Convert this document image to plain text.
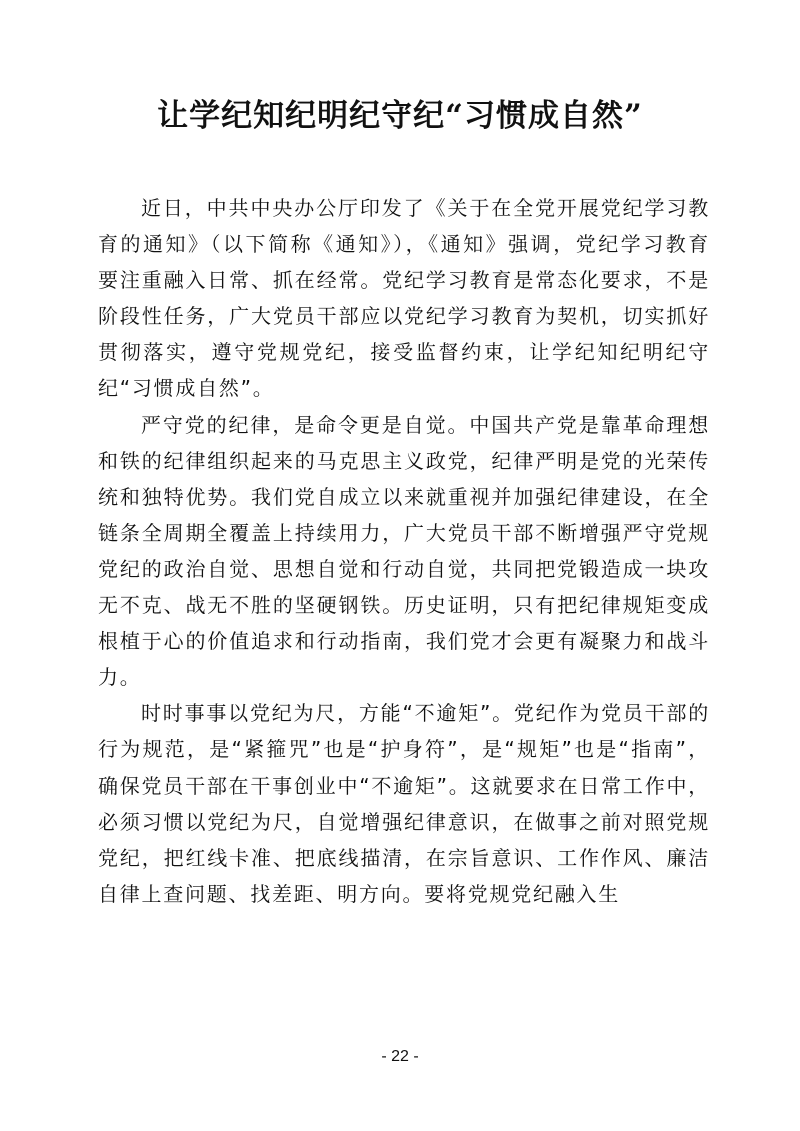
让学纪知纪明纪守纪“习惯成自然”

近日，中共中央办公厅印发了《关于在全党开展党纪学习教育的通知》（以下简称《通知》），《通知》强调，党纪学习教育要注重融入日常、抓在经常。党纪学习教育是常态化要求，不是阶段性任务，广大党员干部应以党纪学习教育为契机，切实抓好贯彻落实，遵守党规党纪，接受监督约束，让学纪知纪明纪守纪“习惯成自然”。

严守党的纪律，是命令更是自觉。中国共产党是靠革命理想和铁的纪律组织起来的马克思主义政党，纪律严明是党的光荣传统和独特优势。我们党自成立以来就重视并加强纪律建设，在全链条全周期全覆盖上持续用力，广大党员干部不断增强严守党规党纪的政治自觉、思想自觉和行动自觉，共同把党锻造成一块攻无不克、战无不胜的坚硬钢铁。历史证明，只有把纪律规矩变成根植于心的价值追求和行动指南，我们党才会更有凝聚力和战斗力。

时时事事以党纪为尺，方能“不逾矩”。党纪作为党员干部的行为规范，是“紧箍咒”也是“护身符”，是“规矩”也是“指南”，确保党员干部在干事创业中“不逾矩”。这就要求在日常工作中，必须习惯以党纪为尺，自觉增强纪律意识，在做事之前对照党规党纪，把红线卡准、把底线描清，在宗旨意识、工作作风、廉洁自律上查问题、找差距、明方向。要将党规党纪融入生

- 22 -
